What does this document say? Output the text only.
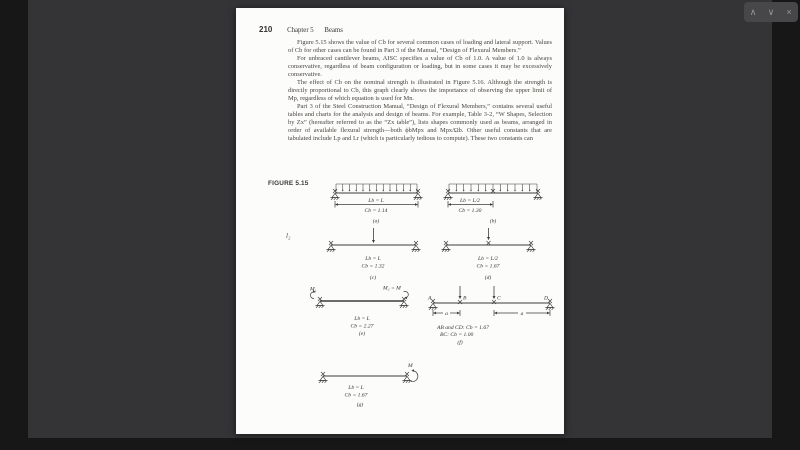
∧	∨	×
210 Chapter 5 Beams

Figure 5.15 shows the value of Cb for several common cases of loading and lateral support. Values of Cb for other cases can be found in Part 3 of the Manual, “Design of Flexural Members.”

For unbraced cantilever beams, AISC specifies a value of Cb of 1.0. A value of 1.0 is always conservative, regardless of beam configuration or loading, but in some cases it may be excessively conservative.

The effect of Cb on the nominal strength is illustrated in Figure 5.16. Although the strength is directly proportional to Cb, this graph clearly shows the importance of observing the upper limit of Mp, regardless of which equation is used for Mn.

Part 3 of the Steel Construction Manual, “Design of Flexural Members,” contains several useful tables and charts for the analysis and design of beams. For example, Table 3-2, “W Shapes, Selection by Zx” (hereafter referred to as the “Zx table”), lists shapes commonly used as beams, arranged in order of available flexural strength—both ϕbMpx and Mpx/Ωb. Other useful constants that are tabulated include Lp and Lr (which is particularly tedious to compute). These two constants can

FIGURE 5.15
l₂
Lb = L
Cb = 1.14
(a)
Lb = L/2
Cb = 1.30
(b)
Lb = L
Cb = 1.32
(c)
Lb = L/2
Cb = 1.67
(d)
M₁	M₂ = M
Lb = L
Cb = 2.27
(e)
A	B	C	D
a	a
AB and CD: Cb = 1.67
BC: Cb = 1.00
(f)
M
Lb = L
Cb = 1.67
(g)
